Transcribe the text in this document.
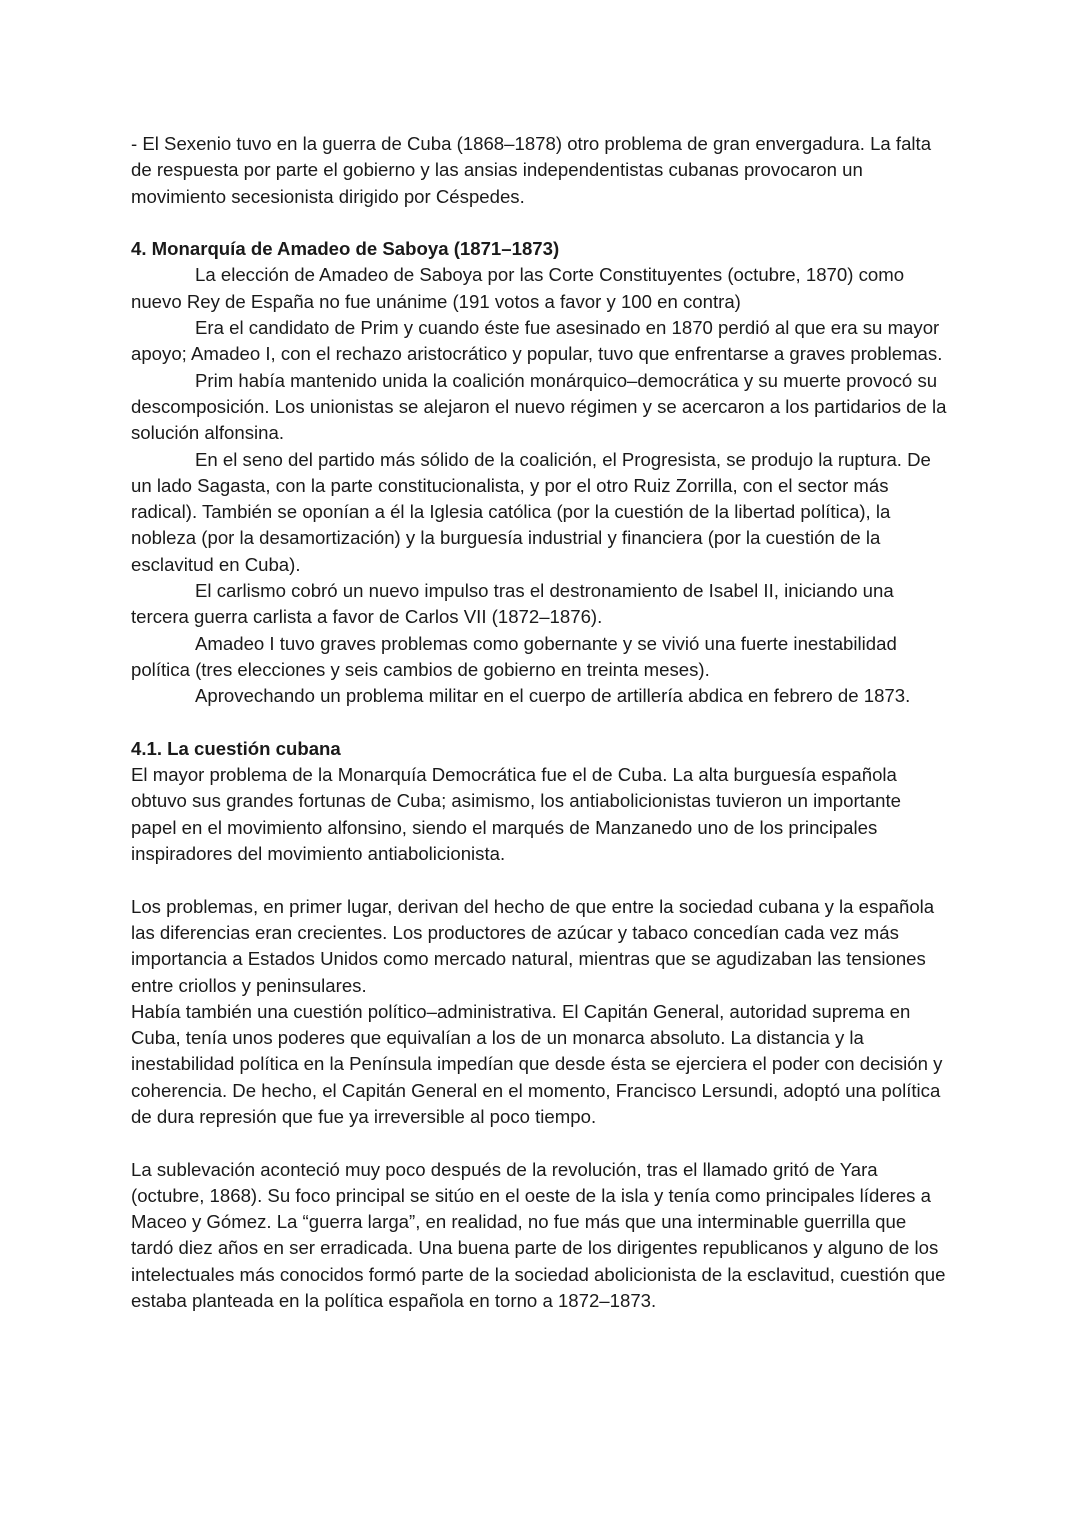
- El Sexenio tuvo en la guerra de Cuba (1868–1878) otro problema de gran envergadura. La falta de respuesta por parte el gobierno y las ansias independentistas cubanas provocaron un movimiento secesionista dirigido por Céspedes.

4. Monarquía de Amadeo de Saboya (1871–1873)

La elección de Amadeo de Saboya por las Corte Constituyentes (octubre, 1870) como nuevo Rey de España no fue unánime (191 votos a favor y 100 en contra)

Era el candidato de Prim y cuando éste fue asesinado en 1870 perdió al que era su mayor apoyo; Amadeo I, con el rechazo aristocrático y popular, tuvo que enfrentarse a graves problemas.

Prim había mantenido unida la coalición monárquico–democrática y su muerte provocó su descomposición. Los unionistas se alejaron el nuevo régimen y se acercaron a los partidarios de la solución alfonsina.

En el seno del partido más sólido de la coalición, el Progresista, se produjo la ruptura. De un lado Sagasta, con la parte constitucionalista, y por el otro Ruiz Zorrilla, con el sector más radical). También se oponían a él la Iglesia católica (por la cuestión de la libertad política), la nobleza (por la desamortización) y la burguesía industrial y financiera (por la cuestión de la esclavitud en Cuba).

El carlismo cobró un nuevo impulso tras el destronamiento de Isabel II, iniciando una tercera guerra carlista a favor de Carlos VII (1872–1876).

Amadeo I tuvo graves problemas como gobernante y se vivió una fuerte inestabilidad política (tres elecciones y seis cambios de gobierno en treinta meses).

Aprovechando un problema militar en el cuerpo de artillería abdica en febrero de 1873.

4.1. La cuestión cubana

El mayor problema de la Monarquía Democrática fue el de Cuba. La alta burguesía española obtuvo sus grandes fortunas de Cuba; asimismo, los antiabolicionistas tuvieron un importante papel en el movimiento alfonsino, siendo el marqués de Manzanedo uno de los principales inspiradores del movimiento antiabolicionista.

Los problemas, en primer lugar, derivan del hecho de que entre la sociedad cubana y la española las diferencias eran crecientes. Los productores de azúcar y tabaco concedían cada vez más importancia a Estados Unidos como mercado natural, mientras que se agudizaban las tensiones entre criollos y peninsulares.

Había también una cuestión político–administrativa. El Capitán General, autoridad suprema en Cuba, tenía unos poderes que equivalían a los de un monarca absoluto. La distancia y la inestabilidad política en la Península impedían que desde ésta se ejerciera el poder con decisión y coherencia. De hecho, el Capitán General en el momento, Francisco Lersundi, adoptó una política de dura represión que fue ya irreversible al poco tiempo.

La sublevación aconteció muy poco después de la revolución, tras el llamado gritó de Yara (octubre, 1868). Su foco principal se sitúo en el oeste de la isla y tenía como principales líderes a Maceo y Gómez. La “guerra larga”, en realidad, no fue más que una interminable guerrilla que tardó diez años en ser erradicada. Una buena parte de los dirigentes republicanos y alguno de los intelectuales más conocidos formó parte de la sociedad abolicionista de la esclavitud, cuestión que estaba planteada en la política española en torno a 1872–1873.
